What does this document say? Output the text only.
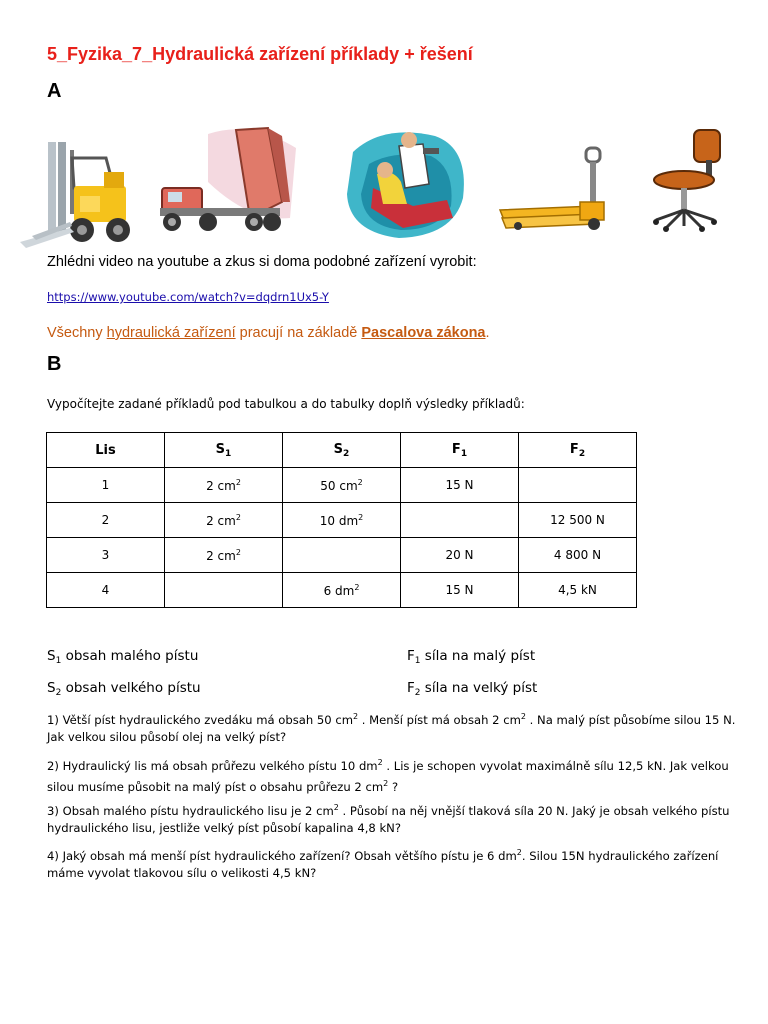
5_Fyzika_7_Hydraulická zařízení příklady + řešení
A
Zhlédni video na youtube a zkus si doma podobné zařízení vyrobit:
https://www.youtube.com/watch?v=dqdrn1Ux5-Y
Všechny hydraulická zařízení pracují na základě Pascalova zákona.
B
Vypočítejte zadané příkladů pod tabulkou a do tabulky doplň výsledky příkladů:
Lis	$S_1$	$S_2$	$F_1$	$F_2$
1	2 $cm^2$	50 $cm^2$	15 N	
2	2 $cm^2$	10 $dm^2$		12 500 N
3	2 $cm^2$		20 N	4 800 N
4		6 $dm^2$	15 N	4,5 kN
$S_1$ obsah malého pístu	$F_1$ síla na malý píst
$S_2$ obsah velkého pístu	$F_2$ síla na velký píst
1) Větší píst hydraulického zvedáku má obsah 50 $cm^2$ . Menší píst má obsah 2 $cm^2$ . Na malý píst působíme silou 15 N. Jak velkou silou působí olej na velký píst?
2) Hydraulický lis má obsah průřezu velkého pístu 10 $dm^2$ . Lis je schopen vyvolat maximálně sílu 12,5 kN. Jak velkou silou musíme působit na malý píst o obsahu průřezu 2 $cm^2$ ?
3) Obsah malého pístu hydraulického lisu je 2 $cm^2$ . Působí na něj vnější tlaková síla 20 N. Jaký je obsah velkého pístu hydraulického lisu, jestliže velký píst působí kapalina 4,8 kN?
4) Jaký obsah má menší píst hydraulického zařízení? Obsah většího pístu je 6 $dm^2$. Silou 15N hydraulického zařízení máme vyvolat tlakovou sílu o velikosti 4,5 kN?
